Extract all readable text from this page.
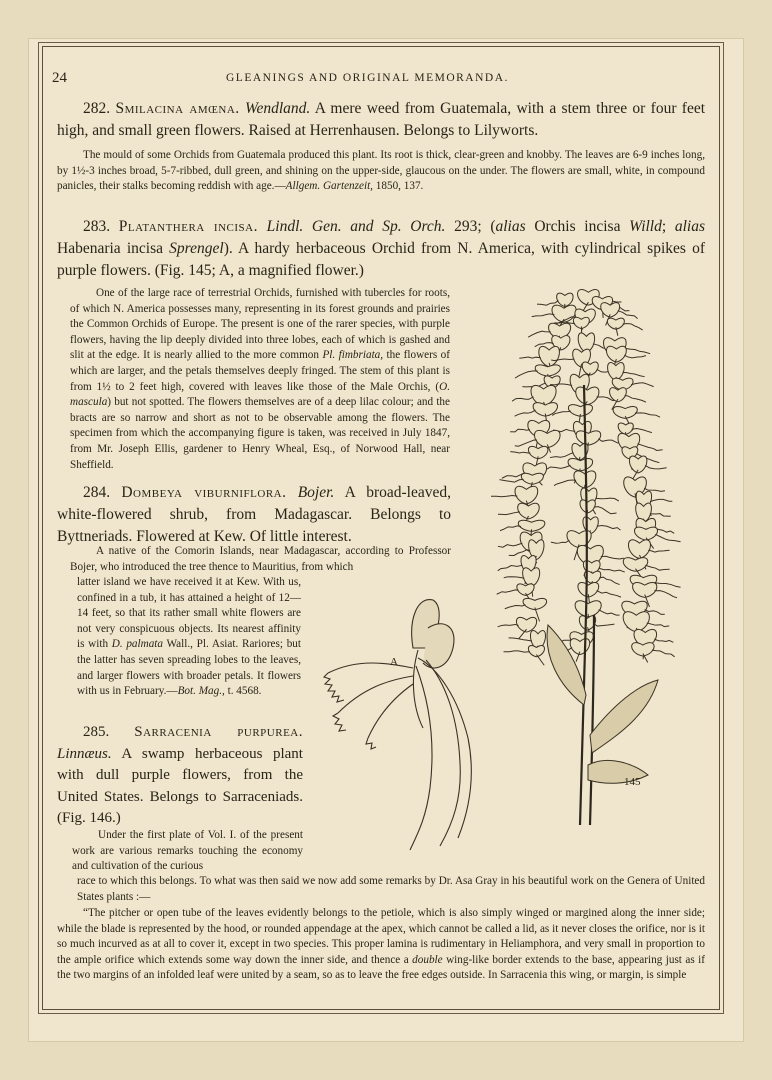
24	GLEANINGS AND ORIGINAL MEMORANDA.
282. Smilacina amœna. Wendland. A mere weed from Guatemala, with a stem three or four feet high, and small green flowers. Raised at Herrenhausen. Belongs to Lilyworts.
The mould of some Orchids from Guatemala produced this plant. Its root is thick, clear-green and knobby. The leaves are 6-9 inches long, by 1½-3 inches broad, 5-7-ribbed, dull green, and shining on the upper-side, glaucous on the under. The flowers are small, white, in compound panicles, their stalks becoming reddish with age.—Allgem. Gartenzeit, 1850, 137.
283. Platanthera incisa. Lindl. Gen. and Sp. Orch. 293; (alias Orchis incisa Willd; alias Habenaria incisa Sprengel). A hardy herbaceous Orchid from N. America, with cylindrical spikes of purple flowers. (Fig. 145; A, a magnified flower.)
One of the large race of terrestrial Orchids, furnished with tubercles for roots, of which N. America possesses many, representing in its forest grounds and prairies the Common Orchids of Europe. The present is one of the rarer species, with purple flowers, having the lip deeply divided into three lobes, each of which is gashed and slit at the edge. It is nearly allied to the more common Pl. fimbriata, the flowers of which are larger, and the petals themselves deeply fringed. The stem of this plant is from 1½ to 2 feet high, covered with leaves like those of the Male Orchis, (O. mascula) but not spotted. The flowers themselves are of a deep lilac colour; and the bracts are so narrow and short as not to be observable among the flowers. The specimen from which the accompanying figure is taken, was received in July 1847, from Mr. Joseph Ellis, gardener to Henry Wheal, Esq., of Norwood Hall, near Sheffield.
284. Dombeya viburniflora. Bojer. A broad-leaved, white-flowered shrub, from Madagascar. Belongs to Byttneriads. Flowered at Kew. Of little interest.
A native of the Comorin Islands, near Madagascar, according to Professor Bojer, who introduced the tree thence to Mauritius, from which
latter island we have received it at Kew. With us, confined in a tub, it has attained a height of 12—14 feet, so that its rather small white flowers are not very conspicuous objects. Its nearest affinity is with D. palmata Wall., Pl. Asiat. Rariores; but the latter has seven spreading lobes to the leaves, and larger flowers with broader petals. It flowers with us in February.—Bot. Mag., t. 4568.
285. Sarracenia purpurea. Linnæus. A swamp herbaceous plant with dull purple flowers, from the United States. Belongs to Sarraceniads. (Fig. 146.)
Under the first plate of Vol. I. of the present work are various remarks touching the economy and cultivation of the curious
race to which this belongs. To what was then said we now add some remarks by Dr. Asa Gray in his beautiful work on the Genera of United States plants :—
“The pitcher or open tube of the leaves evidently belongs to the petiole, which is also simply winged or margined along the inner side; while the blade is represented by the hood, or rounded appendage at the apex, which cannot be called a lid, as it never closes the orifice, nor is it so much incurved as at all to cover it, except in two species. This proper lamina is rudimentary in Heliamphora, and very small in proportion to the ample orifice which extends some way down the inner side, and thence a double wing-like border extends to the base, appearing just as if the two margins of an infolded leaf were united by a seam, so as to leave the free edges outside. In Sarracenia this wing, or margin, is simple
A
145
